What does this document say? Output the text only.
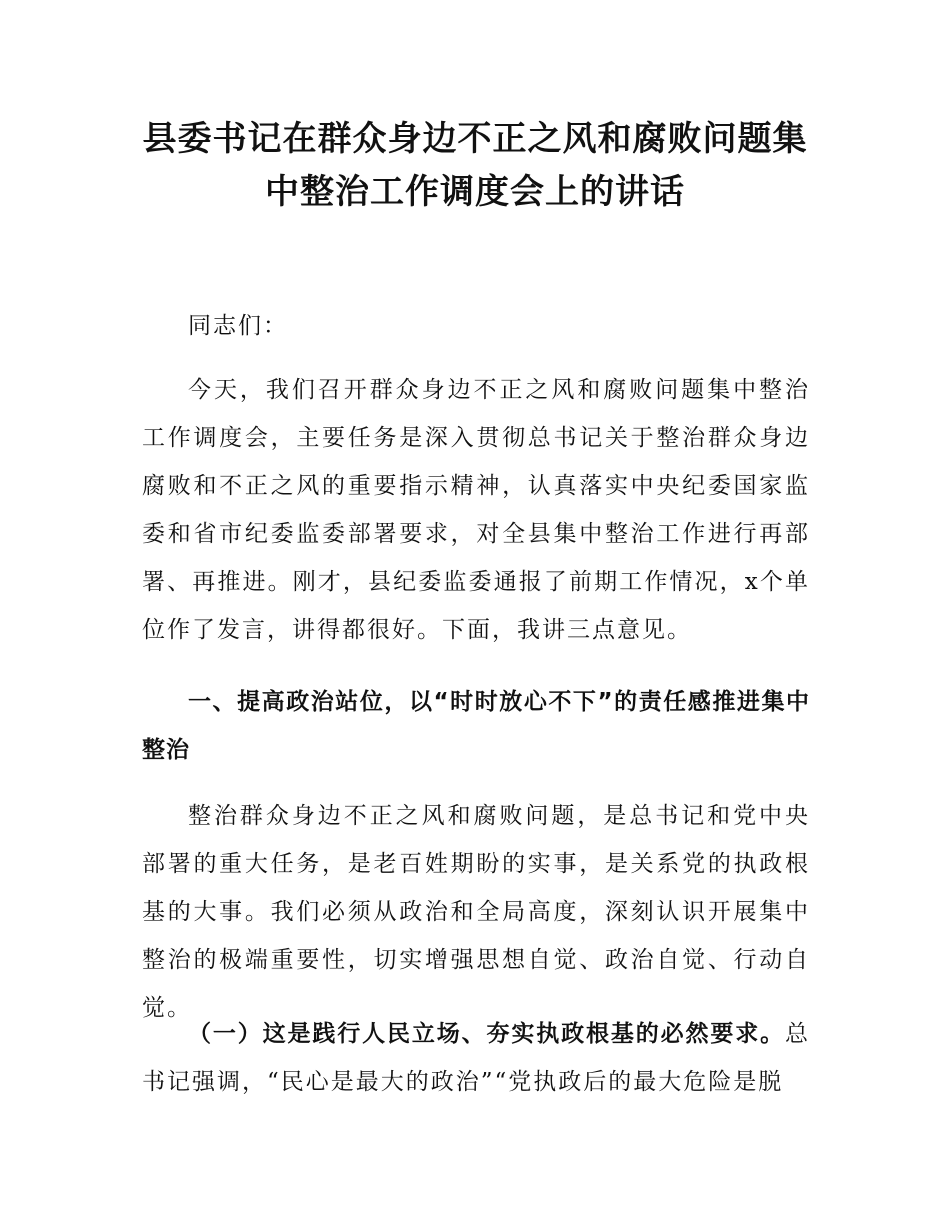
县委书记在群众身边不正之风和腐败问题集
中整治工作调度会上的讲话

同志们：

今天，我们召开群众身边不正之风和腐败问题集中整治工作调度会，主要任务是深入贯彻总书记关于整治群众身边腐败和不正之风的重要指示精神，认真落实中央纪委国家监委和省市纪委监委部署要求，对全县集中整治工作进行再部署、再推进。刚才，县纪委监委通报了前期工作情况，x个单位作了发言，讲得都很好。下面，我讲三点意见。

一、提高政治站位，以“时时放心不下”的责任感推进集中整治

整治群众身边不正之风和腐败问题，是总书记和党中央部署的重大任务，是老百姓期盼的实事，是关系党的执政根基的大事。我们必须从政治和全局高度，深刻认识开展集中整治的极端重要性，切实增强思想自觉、政治自觉、行动自觉。

（一）这是践行人民立场、夯实执政根基的必然要求。总书记强调，“民心是最大的政治”“党执政后的最大危险是脱
